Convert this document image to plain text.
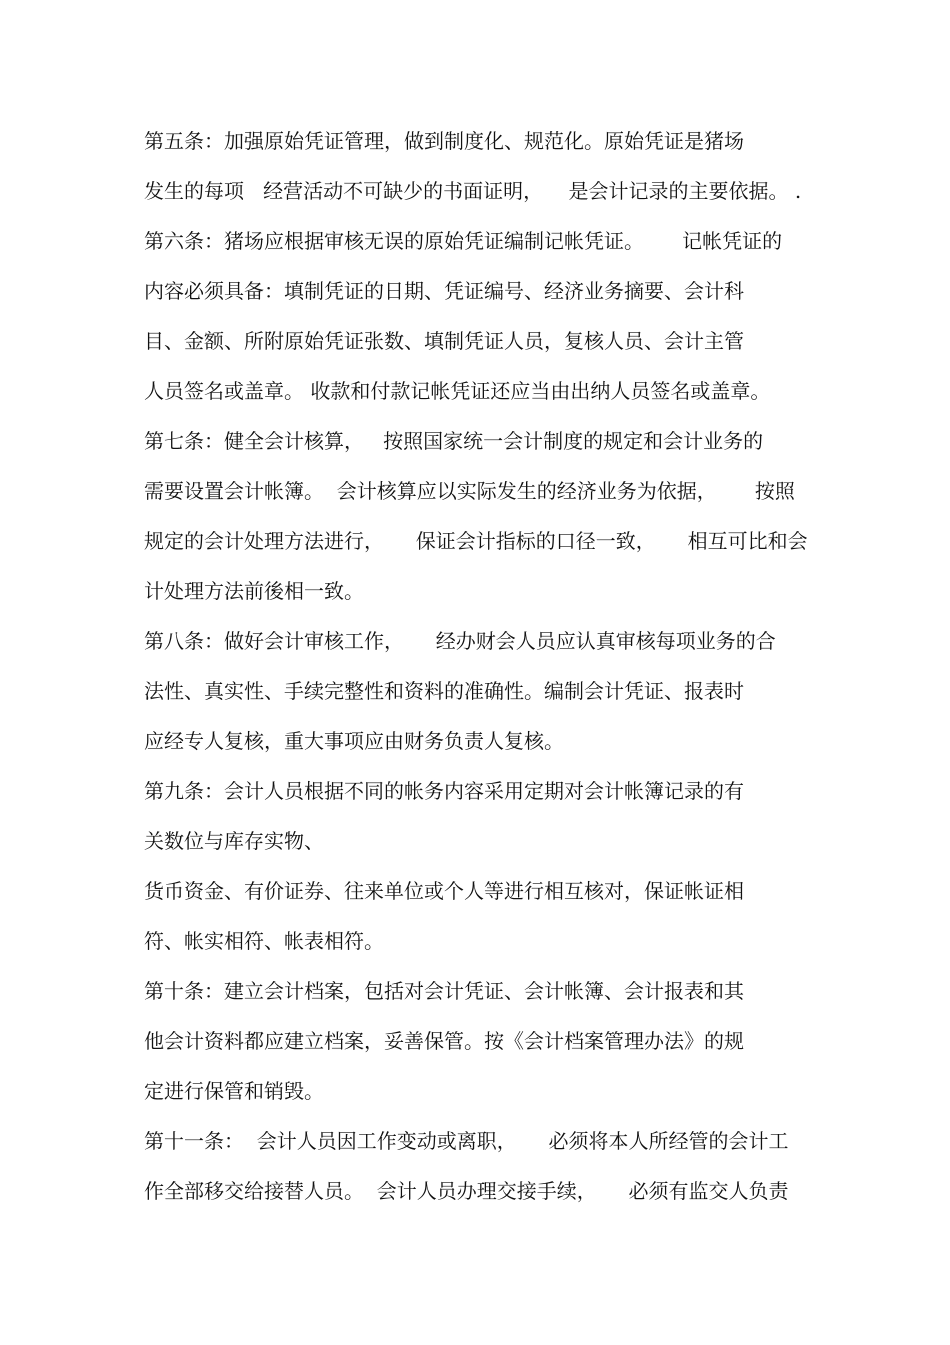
第五条：加强原始凭证管理，做到制度化、规范化。原始凭证是猪场
发生的每项   经营活动不可缺少的书面证明，    是会计记录的主要依据。 .
第六条：猪场应根据审核无误的原始凭证编制记帐凭证。      记帐凭证的
内容必须具备：填制凭证的日期、凭证编号、经济业务摘要、会计科
目、金额、所附原始凭证张数、填制凭证人员，复核人员、会计主管
人员签名或盖章。 收款和付款记帐凭证还应当由出纳人员签名或盖章。
第七条：健全会计核算，   按照国家统一会计制度的规定和会计业务的
需要设置会计帐簿。  会计核算应以实际发生的经济业务为依据，      按照
规定的会计处理方法进行，     保证会计指标的口径一致，     相互可比和会
计处理方法前後相一致。
第八条：做好会计审核工作，     经办财会人员应认真审核每项业务的合
法性、真实性、手续完整性和资料的准确性。编制会计凭证、报表时
应经专人复核，重大事项应由财务负责人复核。
第九条：会计人员根据不同的帐务内容采用定期对会计帐簿记录的有
关数位与库存实物、
货币资金、有价证券、往来单位或个人等进行相互核对，保证帐证相
符、帐实相符、帐表相符。
第十条：建立会计档案，包括对会计凭证、会计帐簿、会计报表和其
他会计资料都应建立档案，妥善保管。按《会计档案管理办法》的规
定进行保管和销毁。
第十一条：  会计人员因工作变动或离职，     必须将本人所经管的会计工
作全部移交给接替人员。  会计人员办理交接手续，     必须有监交人负责
